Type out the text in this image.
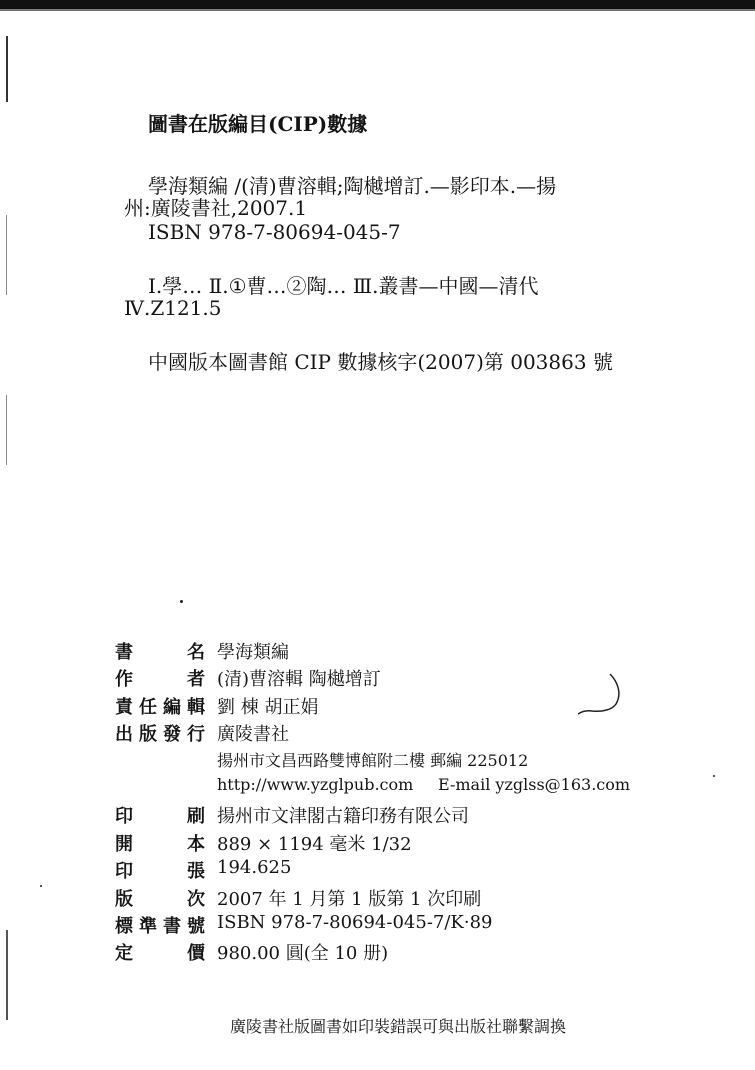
圖書在版編目(CIP)數據
學海類編 /(清)曹溶輯;陶樾增訂.—影印本.—揚
州:廣陵書社,2007.1
ISBN 978-7-80694-045-7
Ⅰ.學… Ⅱ.①曹…②陶… Ⅲ.叢書—中國—清代
Ⅳ.Z121.5
中國版本圖書館 CIP 數據核字(2007)第 003863 號
書	名 學海類編
作	者 (清)曹溶輯 陶樾增訂
責 任 編 輯 劉 棟 胡正娟
出 版 發 行 廣陵書社
揚州市文昌西路雙博館附二樓 郵編 225012
http://www.yzglpub.com E-mail yzglss@163.com
印	刷 揚州市文津閣古籍印務有限公司
開	本 889 × 1194 毫米 1/32
印	張 194.625
版	次 2007 年 1 月第 1 版第 1 次印刷
標 準 書 號 ISBN 978-7-80694-045-7/K·89
定	價 980.00 圓(全 10 册)
廣陵書社版圖書如印裝錯誤可與出版社聯繫調換
